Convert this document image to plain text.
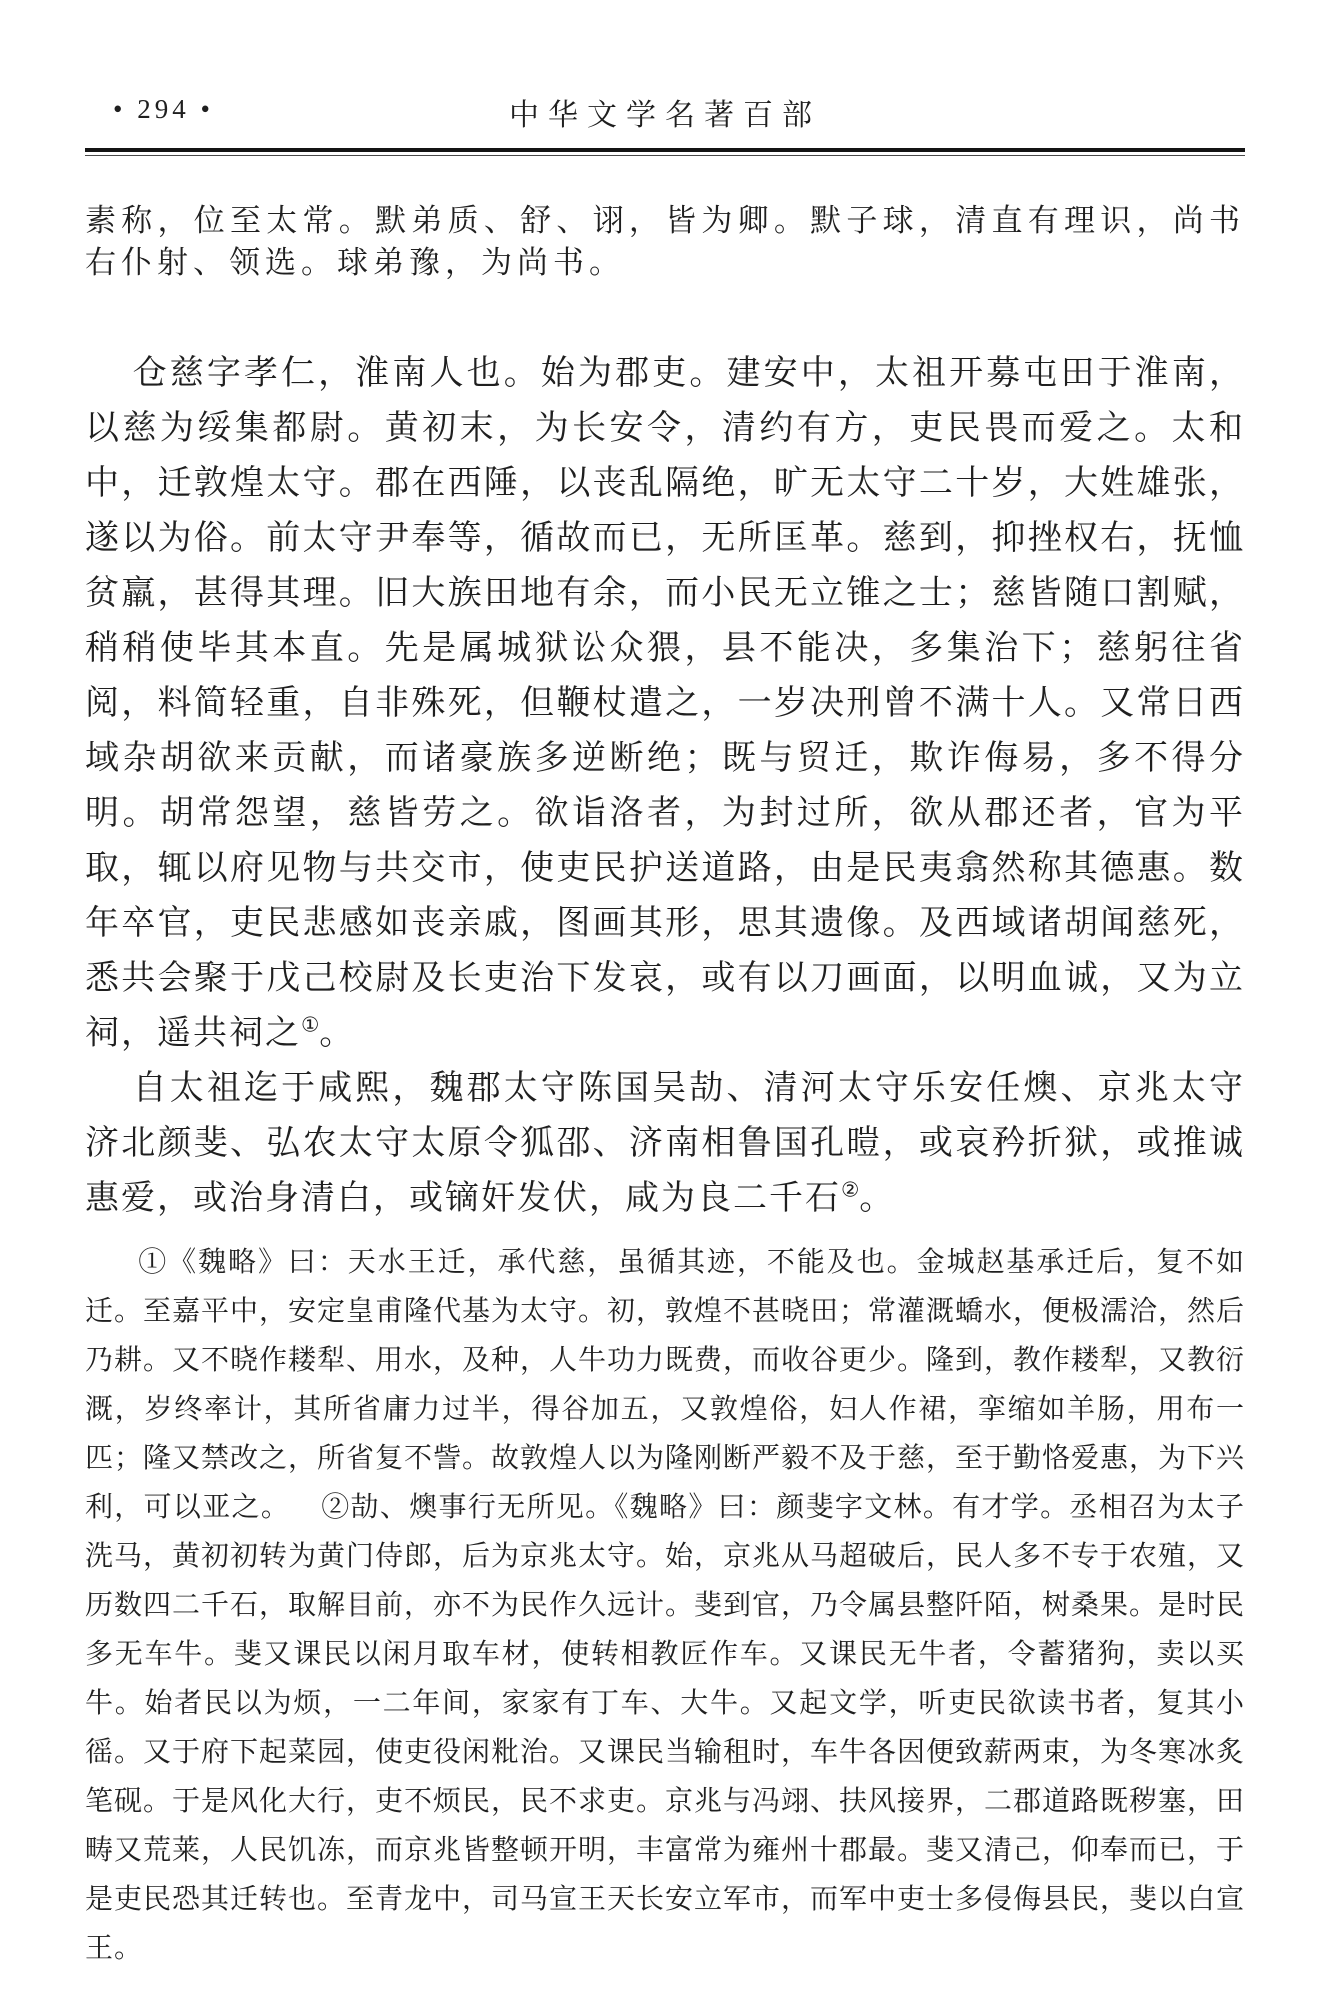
• 294 •	中华文学名著百部

素称，位至太常。默弟质、舒、诩，皆为卿。默子球，清直有理识，尚书右仆射、领选。球弟豫，为尚书。

仓慈字孝仁，淮南人也。始为郡吏。建安中，太祖开募屯田于淮南，以慈为绥集都尉。黄初末，为长安令，清约有方，吏民畏而爱之。太和中，迁敦煌太守。郡在西陲，以丧乱隔绝，旷无太守二十岁，大姓雄张，遂以为俗。前太守尹奉等，循故而已，无所匡革。慈到，抑挫权右，抚恤贫羸，甚得其理。旧大族田地有余，而小民无立锥之士；慈皆随口割赋，稍稍使毕其本直。先是属城狱讼众猥，县不能决，多集治下；慈躬往省阅，料简轻重，自非殊死，但鞭杖遣之，一岁决刑曾不满十人。又常日西域杂胡欲来贡献，而诸豪族多逆断绝；既与贸迁，欺诈侮易，多不得分明。胡常怨望，慈皆劳之。欲诣洛者，为封过所，欲从郡还者，官为平取，辄以府见物与共交市，使吏民护送道路，由是民夷翕然称其德惠。数年卒官，吏民悲感如丧亲戚，图画其形，思其遗像。及西域诸胡闻慈死，悉共会聚于戊己校尉及长吏治下发哀，或有以刀画面，以明血诚，又为立祠，遥共祠之①。

自太祖迄于咸熙，魏郡太守陈国吴劼、清河太守乐安任燠、京兆太守济北颜斐、弘农太守太原令狐邵、济南相鲁国孔暟，或哀矜折狱，或推诚惠爱，或治身清白，或镝奸发伏，咸为良二千石②。

①《魏略》曰：天水王迁，承代慈，虽循其迹，不能及也。金城赵基承迁后，复不如迁。至嘉平中，安定皇甫隆代基为太守。初，敦煌不甚晓田；常灌溉蟜水，便极濡洽，然后乃耕。又不晓作耧犁、用水，及种，人牛功力既费，而收谷更少。隆到，教作耧犁，又教衍溉，岁终率计，其所省庸力过半，得谷加五，又敦煌俗，妇人作裙，挛缩如羊肠，用布一匹；隆又禁改之，所省复不訾。故敦煌人以为隆刚断严毅不及于慈，至于勤恪爱惠，为下兴利，可以亚之。 ②劼、燠事行无所见。《魏略》曰：颜斐字文林。有才学。丞相召为太子洗马，黄初初转为黄门侍郎，后为京兆太守。始，京兆从马超破后，民人多不专于农殖，又历数四二千石，取解目前，亦不为民作久远计。斐到官，乃令属县整阡陌，树桑果。是时民多无车牛。斐又课民以闲月取车材，使转相教匠作车。又课民无牛者，令蓄猪狗，卖以买牛。始者民以为烦，一二年间，家家有丁车、大牛。又起文学，听吏民欲读书者，复其小徭。又于府下起菜园，使吏役闲粃治。又课民当输租时，车牛各因便致薪两束，为冬寒冰炙笔砚。于是风化大行，吏不烦民，民不求吏。京兆与冯翊、扶风接界，二郡道路既秽塞，田畴又荒莱，人民饥冻，而京兆皆整顿开明，丰富常为雍州十郡最。斐又清己，仰奉而已，于是吏民恐其迁转也。至青龙中，司马宣王天长安立军市，而军中吏士多侵侮县民，斐以白宣王。
